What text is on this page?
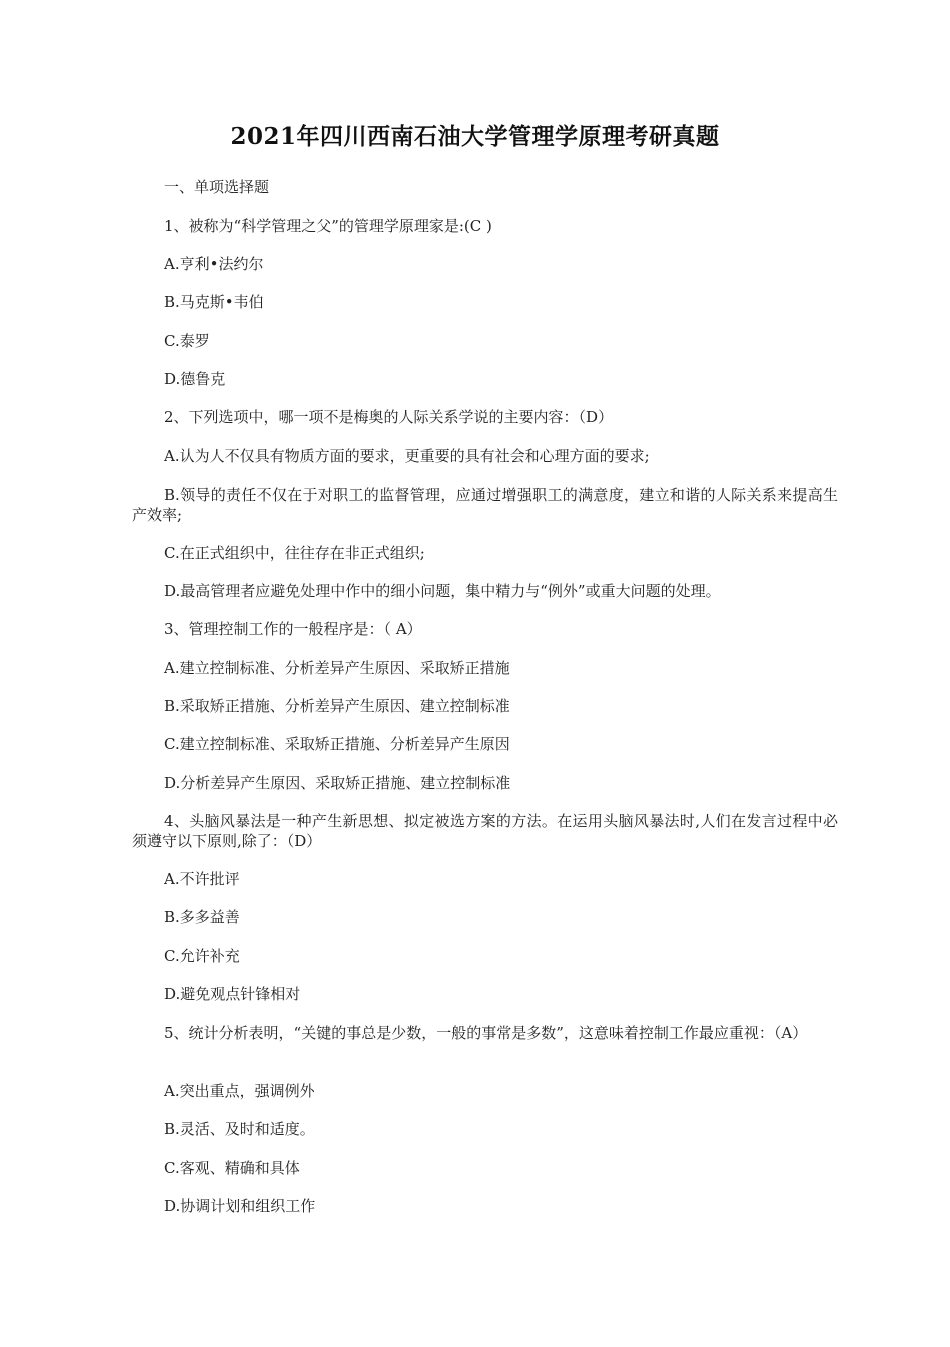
2021年四川西南石油大学管理学原理考研真题
一、单项选择题
1、被称为“科学管理之父”的管理学原理家是:(C )
A.亨利•法约尔
B.马克斯•韦伯
C.泰罗
D.德鲁克
2、下列选项中，哪一项不是梅奥的人际关系学说的主要内容：（D）
A.认为人不仅具有物质方面的要求，更重要的具有社会和心理方面的要求;
B.领导的责任不仅在于对职工的监督管理，应通过增强职工的满意度，建立和谐的人际关系来提高生产效率;
C.在正式组织中，往往存在非正式组织;
D.最高管理者应避免处理中作中的细小问题，集中精力与“例外”或重大问题的处理。
3、管理控制工作的一般程序是：（ A）
A.建立控制标准、分析差异产生原因、采取矫正措施
B.采取矫正措施、分析差异产生原因、建立控制标准
C.建立控制标准、采取矫正措施、分析差异产生原因
D.分析差异产生原因、采取矫正措施、建立控制标准
4、头脑风暴法是一种产生新思想、拟定被选方案的方法。在运用头脑风暴法时,人们在发言过程中必须遵守以下原则,除了：（D）
A.不许批评
B.多多益善
C.允许补充
D.避免观点针锋相对
5、统计分析表明，“关键的事总是少数，一般的事常是多数”，这意味着控制工作最应重视：（A）
A.突出重点，强调例外
B.灵活、及时和适度。
C.客观、精确和具体
D.协调计划和组织工作
